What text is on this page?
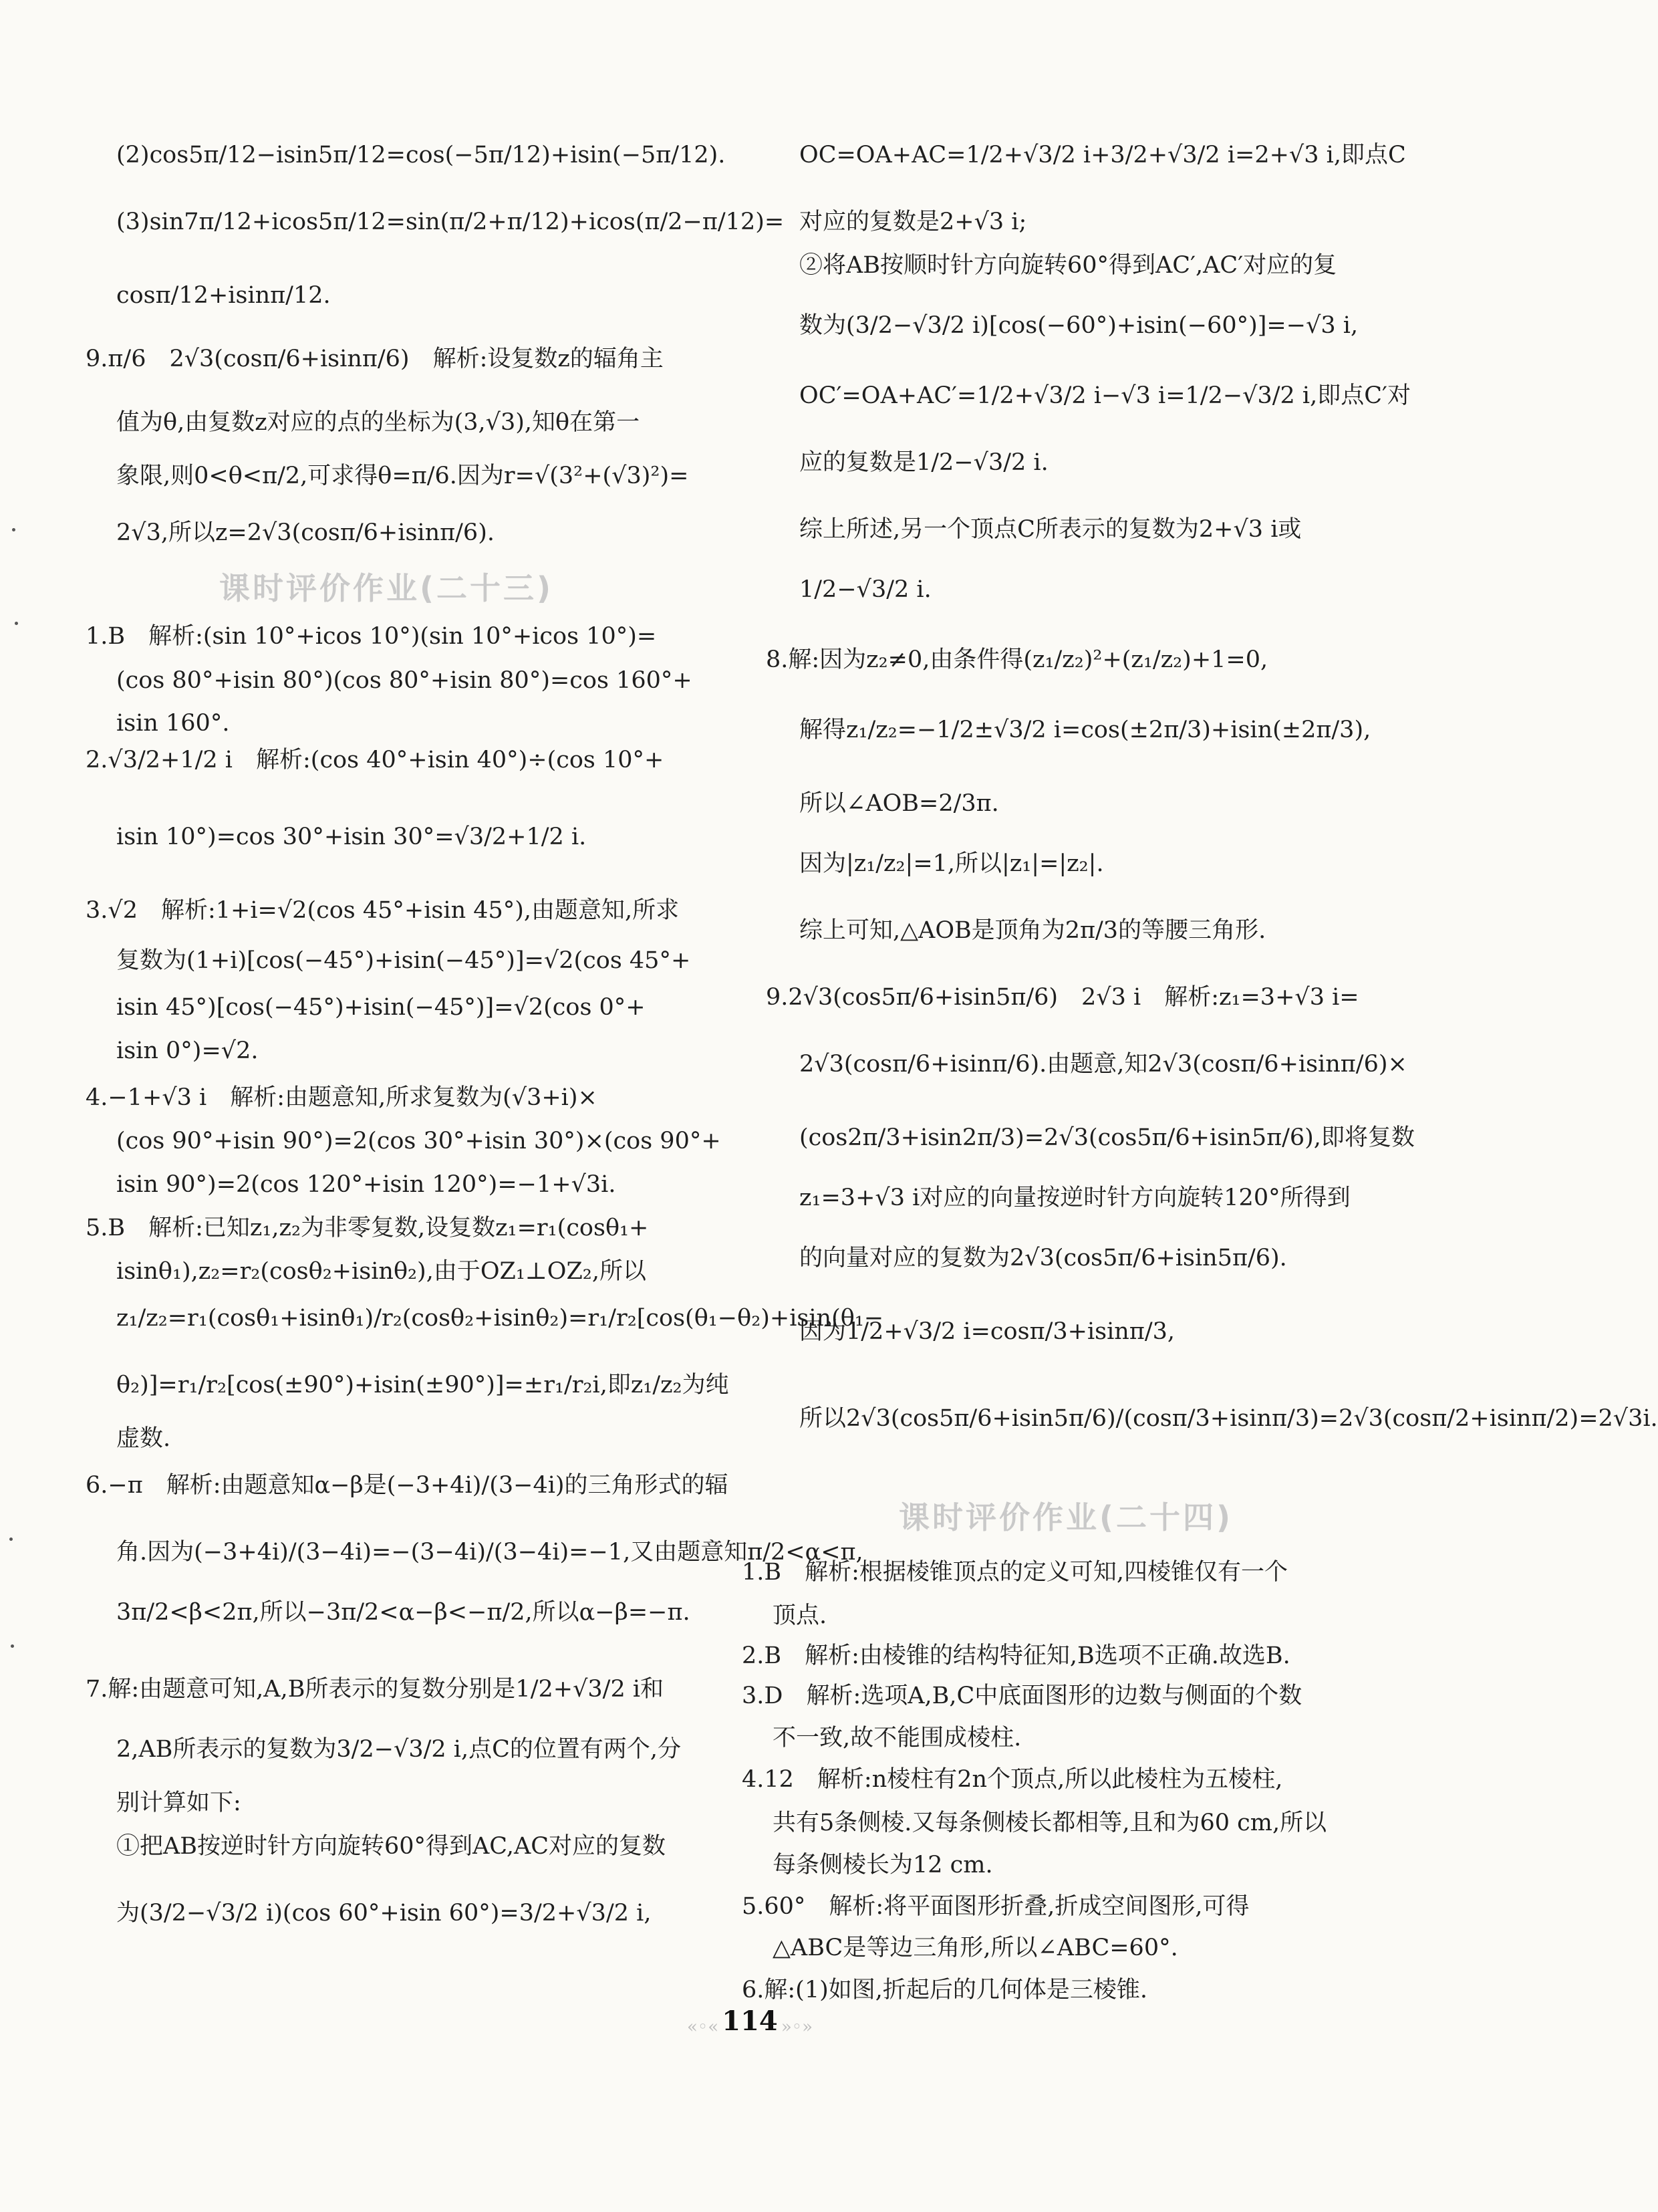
(2)cos5π/12−isin5π/12=cos(−5π/12)+isin(−5π/12).
(3)sin7π/12+icos5π/12=sin(π/2+π/12)+icos(π/2−π/12)=
cosπ/12+isinπ/12.
9.π/6　2√3(cosπ/6+isinπ/6)　解析:设复数z的辐角主
值为θ,由复数z对应的点的坐标为(3,√3),知θ在第一
象限,则0<θ<π/2,可求得θ=π/6.因为r=√(3²+(√3)²)=
2√3,所以z=2√3(cosπ/6+isinπ/6).
1.B　解析:(sin 10°+icos 10°)(sin 10°+icos 10°)=
(cos 80°+isin 80°)(cos 80°+isin 80°)=cos 160°+
isin 160°.
2.√3/2+1/2 i　解析:(cos 40°+isin 40°)÷(cos 10°+
isin 10°)=cos 30°+isin 30°=√3/2+1/2 i.
3.√2　解析:1+i=√2(cos 45°+isin 45°),由题意知,所求
复数为(1+i)[cos(−45°)+isin(−45°)]=√2(cos 45°+
isin 45°)[cos(−45°)+isin(−45°)]=√2(cos 0°+
isin 0°)=√2.
4.−1+√3 i　解析:由题意知,所求复数为(√3+i)×
(cos 90°+isin 90°)=2(cos 30°+isin 30°)×(cos 90°+
isin 90°)=2(cos 120°+isin 120°)=−1+√3i.
5.B　解析:已知z₁,z₂为非零复数,设复数z₁=r₁(cosθ₁+
isinθ₁),z₂=r₂(cosθ₂+isinθ₂),由于OZ₁⊥OZ₂,所以
z₁/z₂=r₁(cosθ₁+isinθ₁)/r₂(cosθ₂+isinθ₂)=r₁/r₂[cos(θ₁−θ₂)+isin(θ₁−
θ₂)]=r₁/r₂[cos(±90°)+isin(±90°)]=±r₁/r₂i,即z₁/z₂为纯
虚数.
6.−π　解析:由题意知α−β是(−3+4i)/(3−4i)的三角形式的辐
角.因为(−3+4i)/(3−4i)=−(3−4i)/(3−4i)=−1,又由题意知π/2<α<π,
3π/2<β<2π,所以−3π/2<α−β<−π/2,所以α−β=−π.
7.解:由题意可知,A,B所表示的复数分别是1/2+√3/2 i和
2,AB所表示的复数为3/2−√3/2 i,点C的位置有两个,分
别计算如下:
①把AB按逆时针方向旋转60°得到AC,AC对应的复数
为(3/2−√3/2 i)(cos 60°+isin 60°)=3/2+√3/2 i,
课时评价作业(二十三)
OC=OA+AC=1/2+√3/2 i+3/2+√3/2 i=2+√3 i,即点C
对应的复数是2+√3 i;
②将AB按顺时针方向旋转60°得到AC′,AC′对应的复
数为(3/2−√3/2 i)[cos(−60°)+isin(−60°)]=−√3 i,
OC′=OA+AC′=1/2+√3/2 i−√3 i=1/2−√3/2 i,即点C′对
应的复数是1/2−√3/2 i.
综上所述,另一个顶点C所表示的复数为2+√3 i或
1/2−√3/2 i.
8.解:因为z₂≠0,由条件得(z₁/z₂)²+(z₁/z₂)+1=0,
解得z₁/z₂=−1/2±√3/2 i=cos(±2π/3)+isin(±2π/3),
所以∠AOB=2/3π.
因为|z₁/z₂|=1,所以|z₁|=|z₂|.
综上可知,△AOB是顶角为2π/3的等腰三角形.
9.2√3(cos5π/6+isin5π/6)　2√3 i　解析:z₁=3+√3 i=
2√3(cosπ/6+isinπ/6).由题意,知2√3(cosπ/6+isinπ/6)×
(cos2π/3+isin2π/3)=2√3(cos5π/6+isin5π/6),即将复数
z₁=3+√3 i对应的向量按逆时针方向旋转120°所得到
的向量对应的复数为2√3(cos5π/6+isin5π/6).
因为1/2+√3/2 i=cosπ/3+isinπ/3,
所以2√3(cos5π/6+isin5π/6)/(cosπ/3+isinπ/3)=2√3(cosπ/2+isinπ/2)=2√3i.
1.B　解析:根据棱锥顶点的定义可知,四棱锥仅有一个
顶点.
2.B　解析:由棱锥的结构特征知,B选项不正确.故选B.
3.D　解析:选项A,B,C中底面图形的边数与侧面的个数
不一致,故不能围成棱柱.
4.12　解析:n棱柱有2n个顶点,所以此棱柱为五棱柱,
共有5条侧棱.又每条侧棱长都相等,且和为60 cm,所以
每条侧棱长为12 cm.
5.60°　解析:将平面图形折叠,折成空间图形,可得
△ABC是等边三角形,所以∠ABC=60°.
6.解:(1)如图,折起后的几何体是三棱锥.
课时评价作业(二十四)
«◦« 114 »◦»
